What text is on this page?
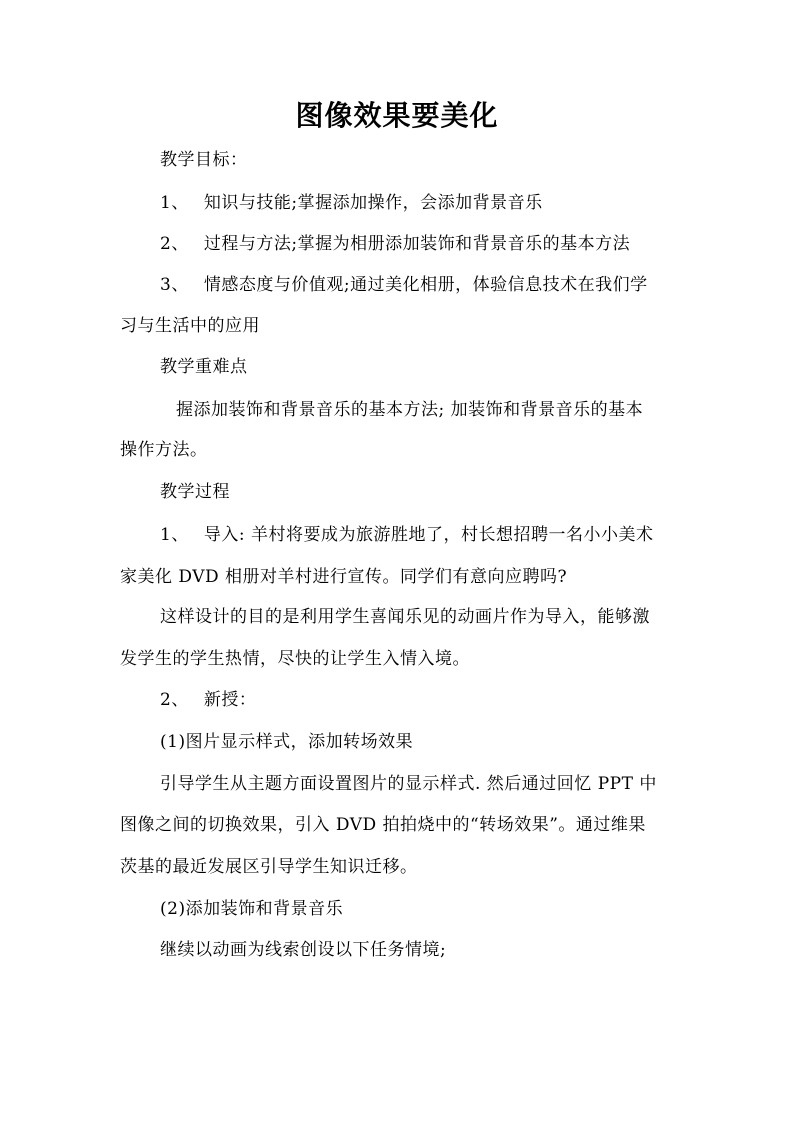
图像效果要美化
教学目标：
1、 知识与技能;掌握添加操作，会添加背景音乐
2、 过程与方法;掌握为相册添加装饰和背景音乐的基本方法
3、 情感态度与价值观;通过美化相册，体验信息技术在我们学
习与生活中的应用
教学重难点
握添加装饰和背景音乐的基本方法; 加装饰和背景音乐的基本
操作方法。
教学过程
1、 导入: 羊村将要成为旅游胜地了，村长想招聘一名小小美术
家美化 DVD 相册对羊村进行宣传。同学们有意向应聘吗?
这样设计的目的是利用学生喜闻乐见的动画片作为导入，能够激
发学生的学生热情，尽快的让学生入情入境。
2、 新授：
(1)图片显示样式，添加转场效果
引导学生从主题方面设置图片的显示样式. 然后通过回忆 PPT 中
图像之间的切换效果，引入 DVD 拍拍烧中的“转场效果”。通过维果
茨基的最近发展区引导学生知识迁移。
(2)添加装饰和背景音乐
继续以动画为线索创设以下任务情境;
